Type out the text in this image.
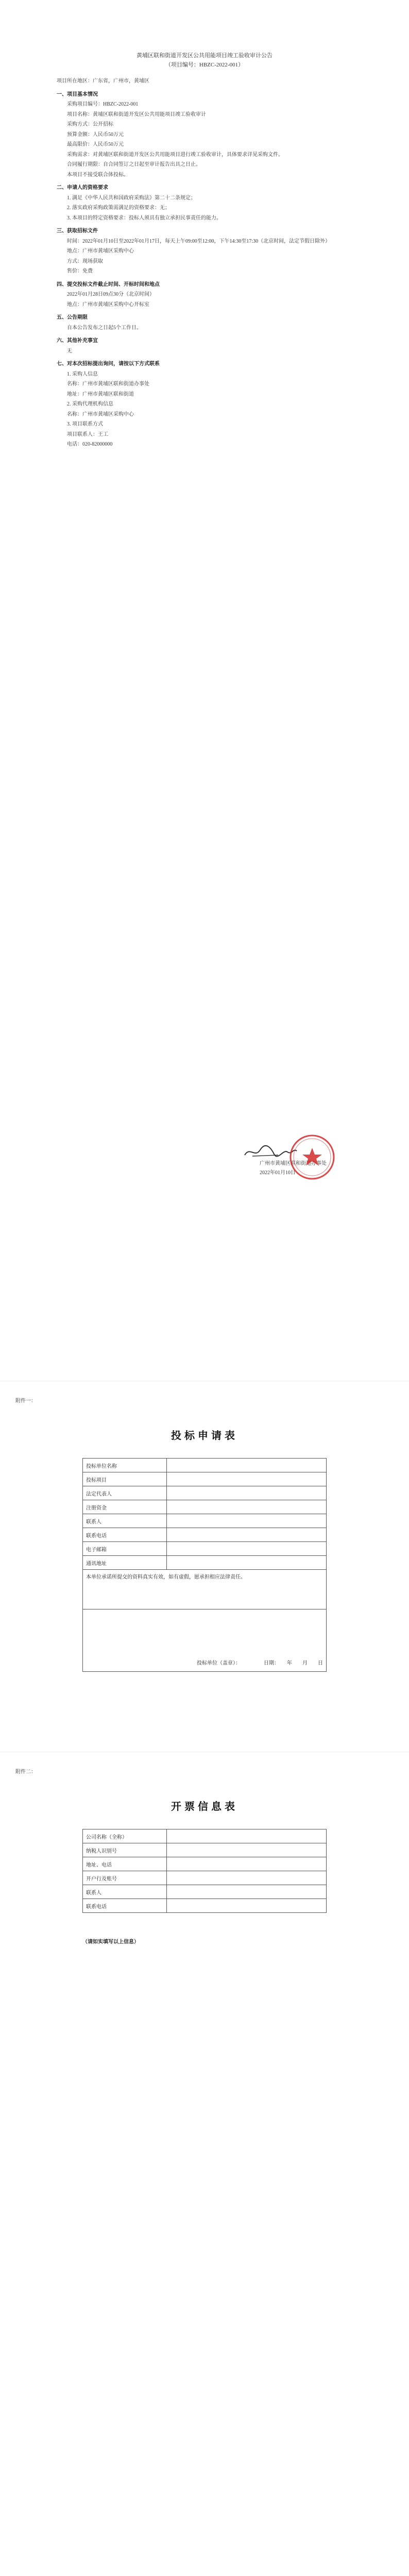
黄埔区联和街道开发区公共用能项目竣工验收审计公告

（项目编号：HBZC-2022-001）

项目所在地区：广东省，广州市，黄埔区

一、项目基本情况

采购项目编号：HBZC-2022-001

项目名称：黄埔区联和街道开发区公共用能项目竣工验收审计

采购方式：公开招标

预算金额：人民币50万元

最高限价：人民币50万元

采购需求：对黄埔区联和街道开发区公共用能项目进行竣工验收审计，具体要求详见采购文件。

合同履行期限：自合同签订之日起至审计报告出具之日止。

本项目不接受联合体投标。

二、申请人的资格要求

1. 满足《中华人民共和国政府采购法》第二十二条规定；

2. 落实政府采购政策需满足的资格要求：无；

3. 本项目的特定资格要求：投标人须具有独立承担民事责任的能力。

三、获取招标文件

时间：2022年01月10日至2022年01月17日，每天上午09:00至12:00，下午14:30至17:30（北京时间，法定节假日除外）

地点：广州市黄埔区采购中心

方式：现场获取

售价：免费

四、提交投标文件截止时间、开标时间和地点

2022年01月28日09点30分（北京时间）

地点：广州市黄埔区采购中心开标室

五、公告期限

自本公告发布之日起5个工作日。

六、其他补充事宜

无

七、对本次招标提出询问，请按以下方式联系

1. 采购人信息

名称：广州市黄埔区联和街道办事处

地址：广州市黄埔区联和街道

2. 采购代理机构信息

名称：广州市黄埔区采购中心

3. 项目联系方式

项目联系人：王工

电话：020-82000000

广州市黄埔区联和街道办事处
2022年01月10日
附件一：
投标申请表
投标单位名称	
投标项目	
法定代表人	
注册资金	
联系人	
联系电话	
电子邮箱	
通讯地址	
本单位承诺所提交的资料真实有效，如有虚假，愿承担相应法律责任。	
投标单位（盖章）：　　　　　日期：　　年　　月　　日	
附件二：
开票信息表
公司名称（全称）	
纳税人识别号	
地址、电话	
开户行及账号	
联系人	
联系电话	
（请如实填写以上信息）
